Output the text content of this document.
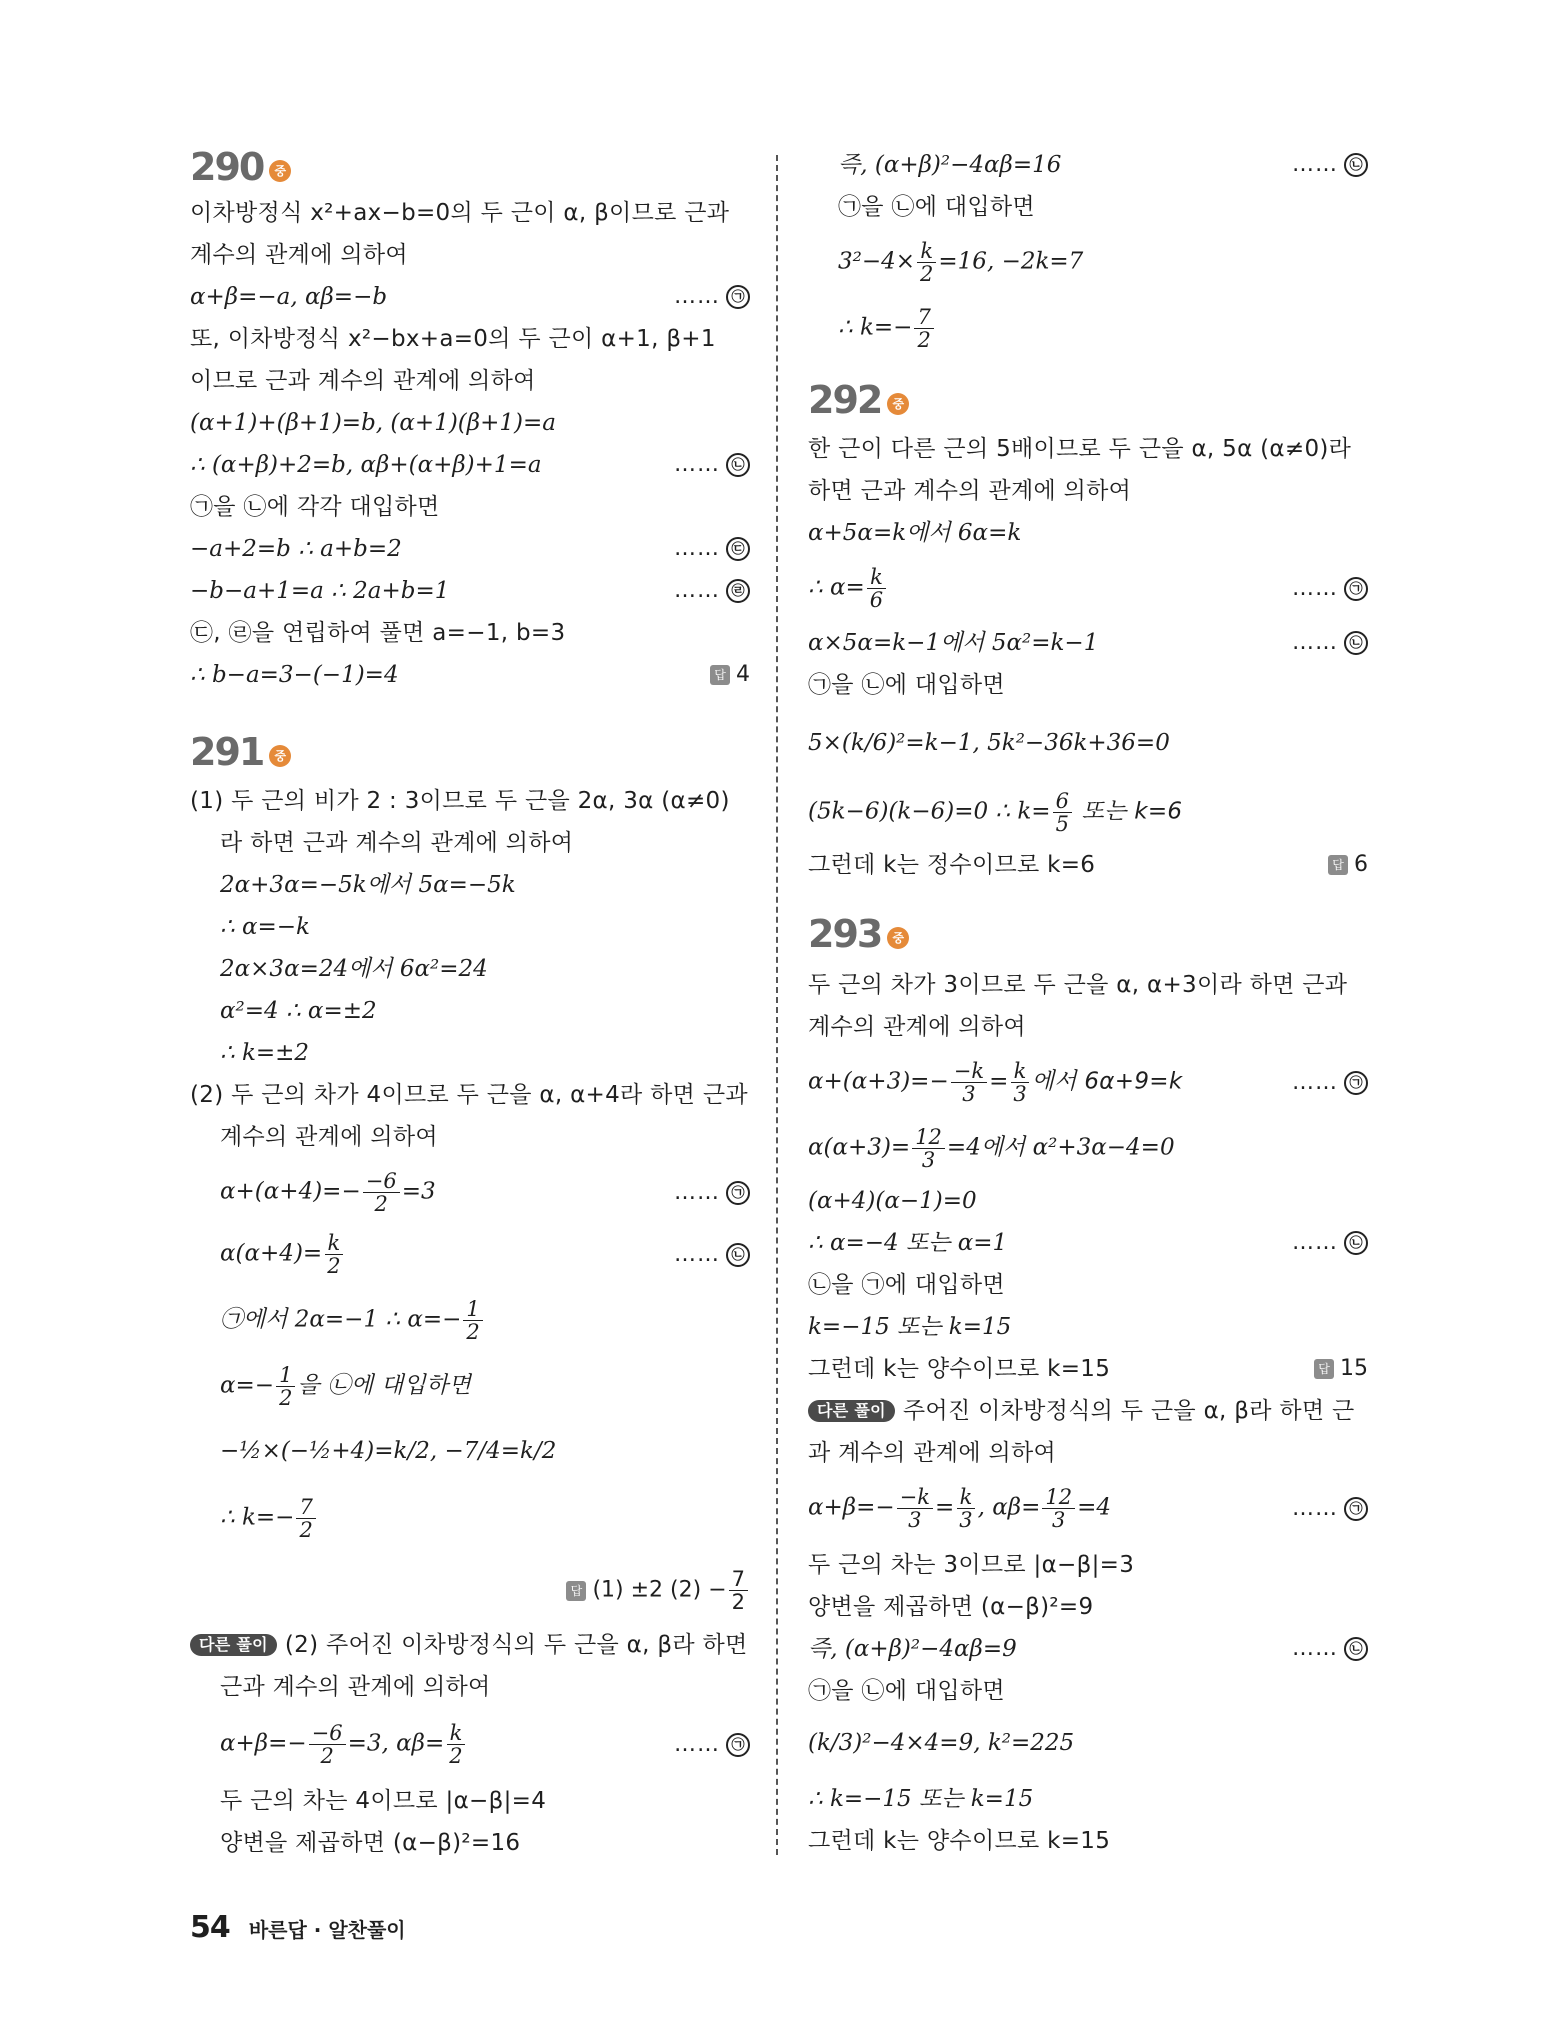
290 중
이차방정식 x²+ax−b=0의 두 근이 α, β이므로 근과
계수의 관계에 의하여
α+β=−a, αβ=−b	…… ㉠
또, 이차방정식 x²−bx+a=0의 두 근이 α+1, β+1
이므로 근과 계수의 관계에 의하여
(α+1)+(β+1)=b, (α+1)(β+1)=a
∴ (α+β)+2=b, αβ+(α+β)+1=a	…… ㉡
㉠을 ㉡에 각각 대입하면
−a+2=b ∴ a+b=2	…… ㉢
−b−a+1=a ∴ 2a+b=1	…… ㉣
㉢, ㉣을 연립하여 풀면 a=−1, b=3
∴ b−a=3−(−1)=4	답 4
291 중
(1) 두 근의 비가 2 : 3이므로 두 근을 2α, 3α (α≠0)
라 하면 근과 계수의 관계에 의하여
2α+3α=−5k에서 5α=−5k
∴ α=−k
2α×3α=24에서 6α²=24
α²=4 ∴ α=±2
∴ k=±2
(2) 두 근의 차가 4이므로 두 근을 α, α+4라 하면 근과
계수의 관계에 의하여
$\alpha+(\alpha+4)=- \frac{-6}{2} =3$	…… ㉠
$\alpha(\alpha+4)= \frac{k}{2}$	…… ㉡
㉠에서 2α=−1 ∴ $\alpha=- \frac{1}{2}$
$\alpha=- \frac{1}{2}$ 을 ㉡에 대입하면
−½×(−½+4)=k/2, −7/4=k/2
∴ $k=- \frac{7}{2}$
답 (1) ±2 $(2) - \frac{7}{2}$
다른 풀이 (2) 주어진 이차방정식의 두 근을 α, β라 하면
근과 계수의 관계에 의하여
$\alpha+\beta=- \frac{-6}{2} =3$, $\alpha\beta= \frac{k}{2}$	…… ㉠
두 근의 차는 4이므로 |α−β|=4
양변을 제곱하면 (α−β)²=16
즉, (α+β)²−4αβ=16	…… ㉡
㉠을 ㉡에 대입하면
$3^2-4\times \frac{k}{2} =16$, −2k=7
∴ $k=- \frac{7}{2}$
292 중
한 근이 다른 근의 5배이므로 두 근을 α, 5α (α≠0)라
하면 근과 계수의 관계에 의하여
α+5α=k에서 6α=k
∴ $\alpha= \frac{k}{6}$	…… ㉠
α×5α=k−1에서 5α²=k−1	…… ㉡
㉠을 ㉡에 대입하면
5×(k/6)²=k−1, 5k²−36k+36=0
(5k−6)(k−6)=0 ∴ $k= \frac{6}{5}$ 또는 k=6
그런데 k는 정수이므로 k=6	답 6
293 중
두 근의 차가 3이므로 두 근을 α, α+3이라 하면 근과
계수의 관계에 의하여
$\alpha+(\alpha+3)=- \frac{-k}{3} = \frac{k}{3}$ 에서 6α+9=k	…… ㉠
$\alpha(\alpha+3)= \frac{12}{3} =4$에서 α²+3α−4=0
(α+4)(α−1)=0
∴ α=−4 또는 α=1	…… ㉡
㉡을 ㉠에 대입하면
k=−15 또는 k=15
그런데 k는 양수이므로 k=15	답 15
다른 풀이 주어진 이차방정식의 두 근을 α, β라 하면 근
과 계수의 관계에 의하여
$\alpha+\beta=- \frac{-k}{3} = \frac{k}{3}$ , $\alpha\beta= \frac{12}{3} =4$	…… ㉠
두 근의 차는 3이므로 |α−β|=3
양변을 제곱하면 (α−β)²=9
즉, (α+β)²−4αβ=9	…… ㉡
㉠을 ㉡에 대입하면
(k/3)²−4×4=9, k²=225
∴ k=−15 또는 k=15
그런데 k는 양수이므로 k=15
54 바른답 · 알찬풀이
